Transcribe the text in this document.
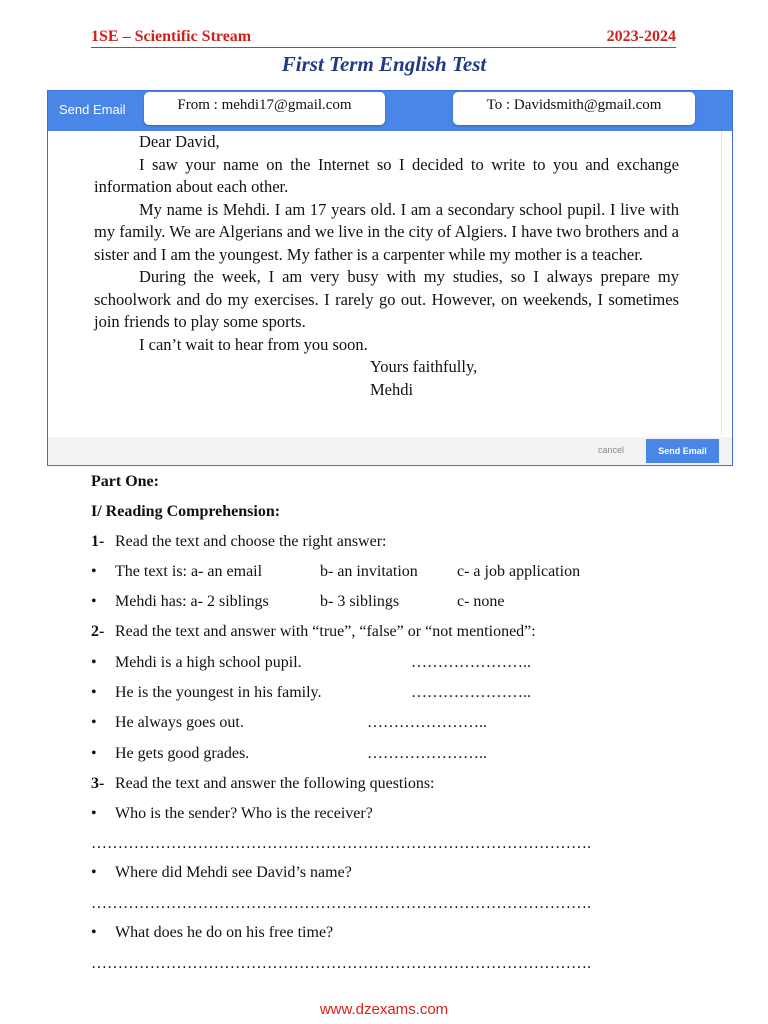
1SE – Scientific Stream	2023-2024
First Term English Test
Send Email	From : mehdi17@gmail.com	To : Davidsmith@gmail.com

Dear David,

I saw your name on the Internet so I decided to write to you and exchange information about each other.

My name is Mehdi. I am 17 years old. I am a secondary school pupil. I live with my family. We are Algerians and we live in the city of Algiers. I have two brothers and a sister and I am the youngest. My father is a carpenter while my mother is a teacher.

During the week, I am very busy with my studies, so I always prepare my schoolwork and do my exercises. I rarely go out. However, on weekends, I sometimes join friends to play some sports.

I can’t wait to hear from you soon.

Yours faithfully,

Mehdi

cancel	Send Email
Part One:
I/ Reading Comprehension:
1- Read the text and choose the right answer:
• The text is: a- an email	b- an invitation c- a job application
• Mehdi has: a- 2 siblings	b- 3 siblings	c- none
2- Read the text and answer with “true”, “false” or “not mentioned”:
• Mehdi is a high school pupil.	…………………..
• He is the youngest in his family.	…………………..
• He always goes out.	…………………..
• He gets good grades.	…………………..
3- Read the text and answer the following questions:
• Who is the sender? Who is the receiver?
………………………………………………………………………………….
• Where did Mehdi see David’s name?
………………………………………………………………………………….
• What does he do on his free time?
………………………………………………………………………………….
www.dzexams.com
